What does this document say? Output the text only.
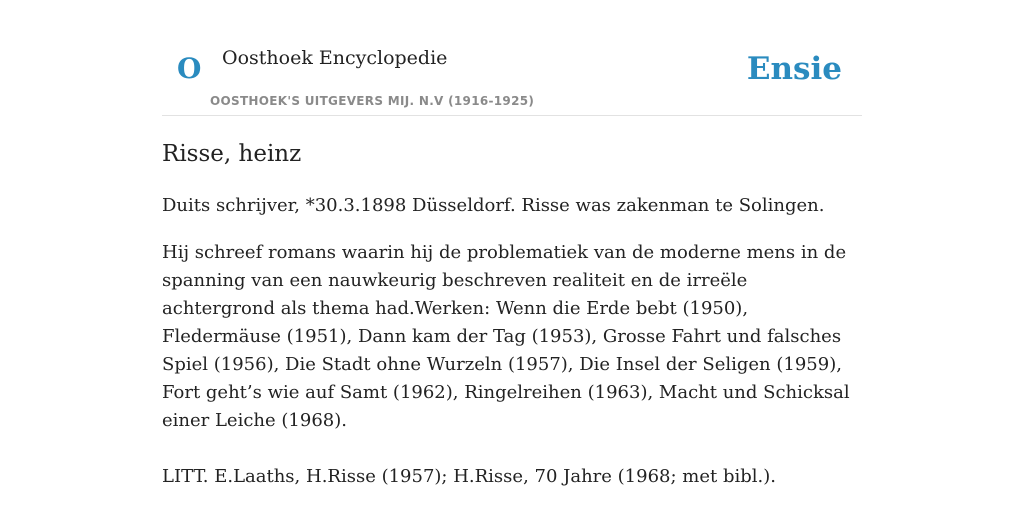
O Oosthoek Encyclopedie
OOSTHOEK'S UITGEVERS MIJ. N.V (1916-1925)
Ensie
Risse, heinz

Duits schrijver, *30.3.1898 Düsseldorf. Risse was zakenman te Solingen.

Hij schreef romans waarin hij de problematiek van de moderne mens in de spanning van een nauwkeurig beschreven realiteit en de irreële achtergrond als thema had.Werken: Wenn die Erde bebt (1950), Fledermäuse (1951), Dann kam der Tag (1953), Grosse Fahrt und falsches Spiel (1956), Die Stadt ohne Wurzeln (1957), Die Insel der Seligen (1959), Fort geht’s wie auf Samt (1962), Ringelreihen (1963), Macht und Schicksal einer Leiche (1968).

LITT. E.Laaths, H.Risse (1957); H.Risse, 70 Jahre (1968; met bibl.).
